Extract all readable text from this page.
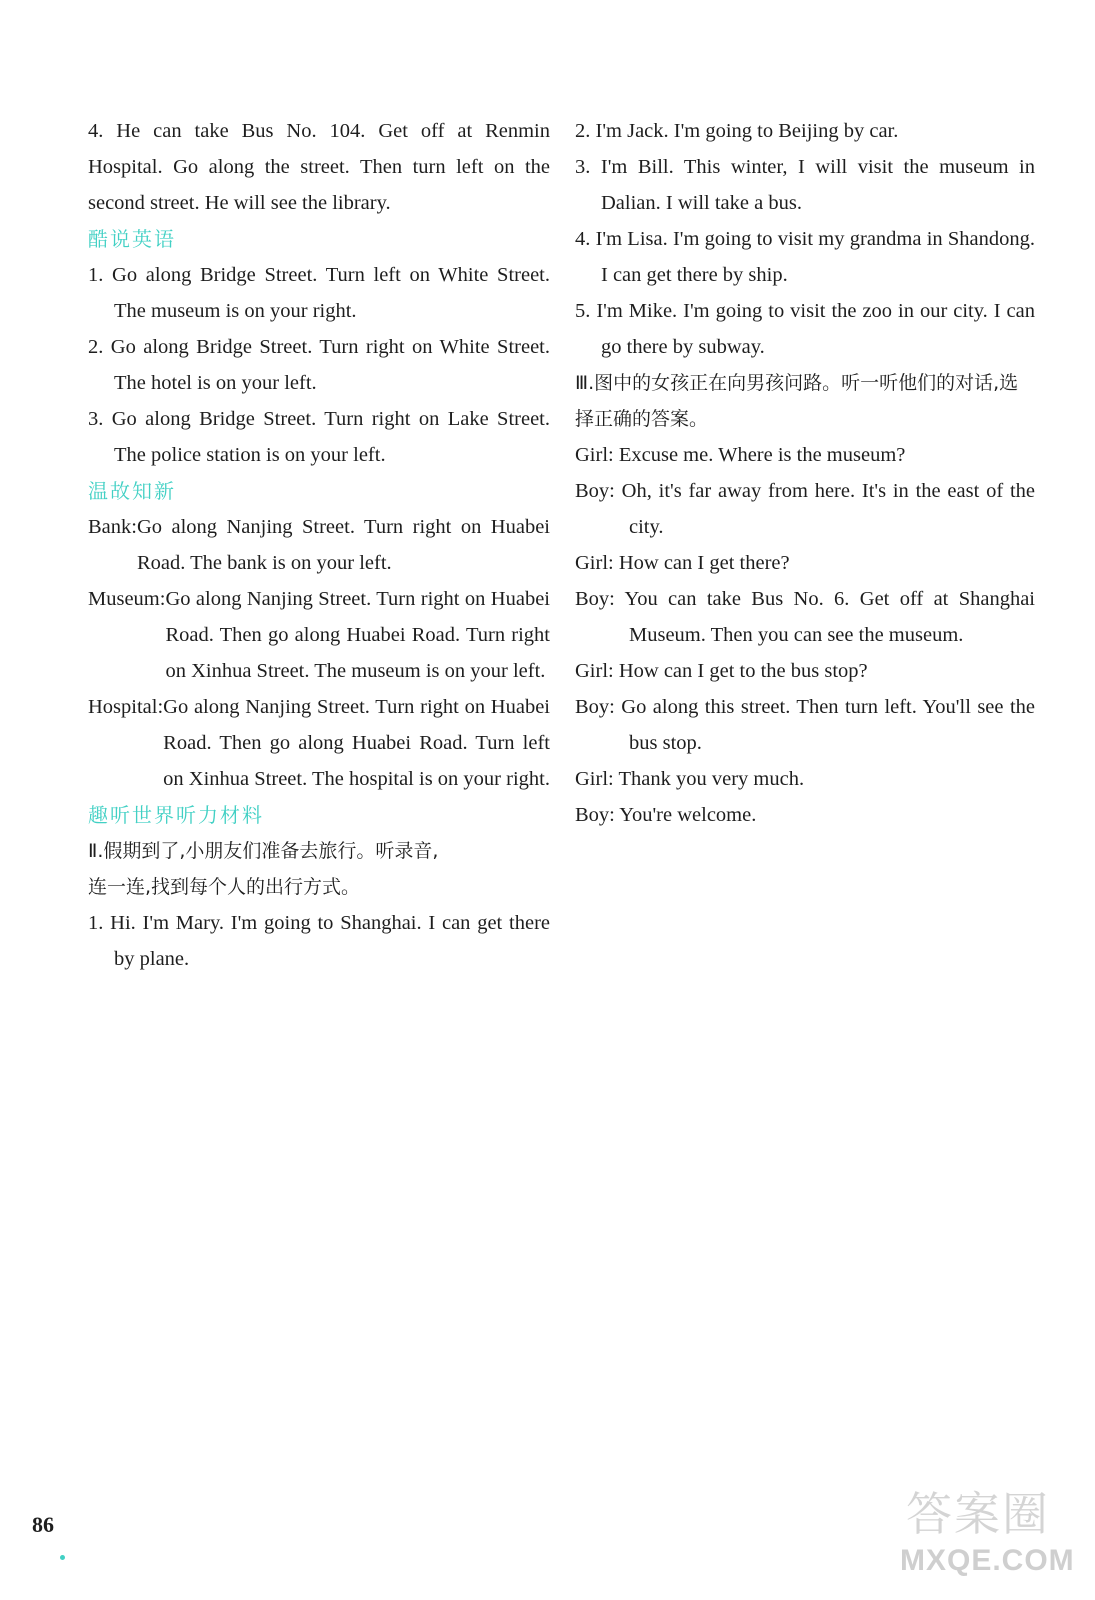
4. He can take Bus No. 104. Get off at Renmin Hospital. Go along the street. Then turn left on the second street. He will see the library.

酷说英语

1. Go along Bridge Street. Turn left on White Street. The museum is on your right.

2. Go along Bridge Street. Turn right on White Street. The hotel is on your left.

3. Go along Bridge Street. Turn right on Lake Street. The police station is on your left.

温故知新

Bank: Go along Nanjing Street. Turn right on Huabei Road. The bank is on your left.
Museum: Go along Nanjing Street. Turn right on Huabei Road. Then go along Huabei Road. Turn right on Xinhua Street. The museum is on your left.
Hospital: Go along Nanjing Street. Turn right on Huabei Road. Then go along Huabei Road. Turn left on Xinhua Street. The hospital is on your right.

趣听世界听力材料

Ⅱ.假期到了,小朋友们准备去旅行。听录音,

连一连,找到每个人的出行方式。

1. Hi. I'm Mary. I'm going to Shanghai. I can get there by plane.

2. I'm Jack. I'm going to Beijing by car.

3. I'm Bill. This winter, I will visit the museum in Dalian. I will take a bus.

4. I'm Lisa. I'm going to visit my grandma in Shandong. I can get there by ship.

5. I'm Mike. I'm going to visit the zoo in our city. I can go there by subway.

Ⅲ.图中的女孩正在向男孩问路。听一听他们的对话,选择正确的答案。

Girl: Excuse me. Where is the museum?

Boy: Oh, it's far away from here. It's in the east of the city.

Girl: How can I get there?

Boy: You can take Bus No. 6. Get off at Shanghai Museum. Then you can see the museum.

Girl: How can I get to the bus stop?

Boy: Go along this street. Then turn left. You'll see the bus stop.

Girl: Thank you very much.

Boy: You're welcome.

86	答案圈
MXQE.COM
